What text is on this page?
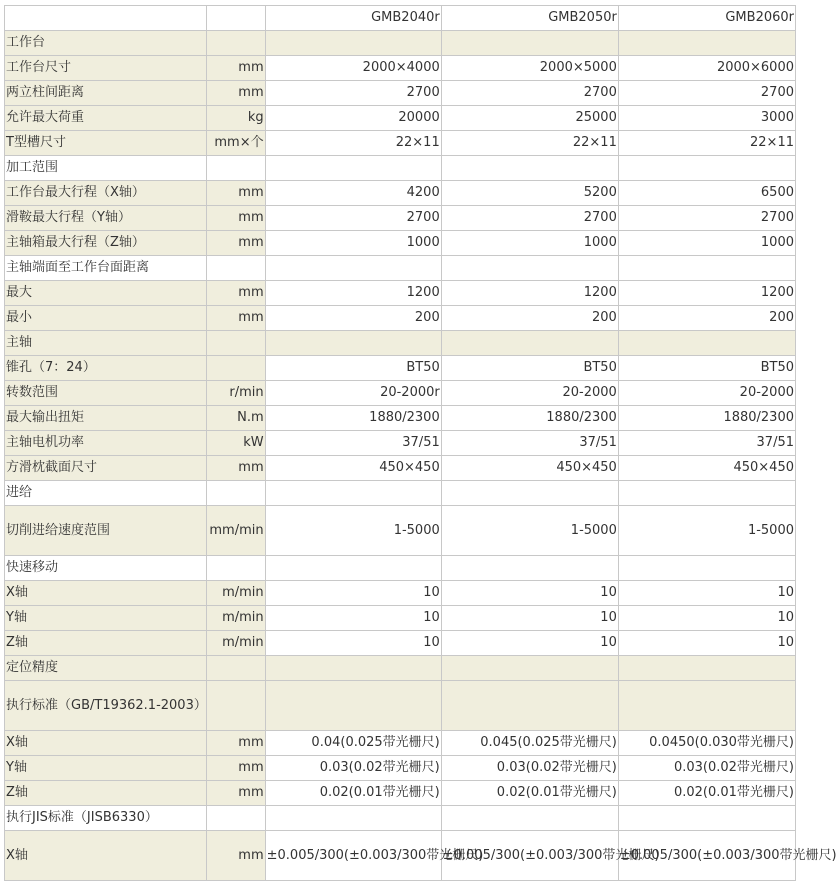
		GMB2040r	GMB2050r	GMB2060r
工作台				
工作台尺寸	mm	2000×4000	2000×5000	2000×6000
两立柱间距离	mm	2700	2700	2700
允许最大荷重	kg	20000	25000	3000
T型槽尺寸	mm×个	22×11	22×11	22×11
加工范围				
工作台最大行程（X轴）	mm	4200	5200	6500
滑鞍最大行程（Y轴）	mm	2700	2700	2700
主轴箱最大行程（Z轴）	mm	1000	1000	1000
主轴端面至工作台面距离				
最大	mm	1200	1200	1200
最小	mm	200	200	200
主轴				
锥孔（7：24）		BT50	BT50	BT50
转数范围	r/min	20-2000r	20-2000	20-2000
最大输出扭矩	N.m	1880/2300	1880/2300	1880/2300
主轴电机功率	kW	37/51	37/51	37/51
方滑枕截面尺寸	mm	450×450	450×450	450×450
进给				
切削进给速度范围	mm/min	1-5000	1-5000	1-5000
快速移动				
X轴	m/min	10	10	10
Y轴	m/min	10	10	10
Z轴	m/min	10	10	10
定位精度				
执行标准（GB/T19362.1-2003）				
X轴	mm	0.04(0.025带光栅尺)	0.045(0.025带光栅尺)	0.0450(0.030带光栅尺)
Y轴	mm	0.03(0.02带光栅尺)	0.03(0.02带光栅尺)	0.03(0.02带光栅尺)
Z轴	mm	0.02(0.01带光栅尺)	0.02(0.01带光栅尺)	0.02(0.01带光栅尺)
执行JIS标准（JISB6330）				
X轴	mm	±0.005/300(±0.003/300带光栅尺)	±0.005/300(±0.003/300带光栅尺)	±0.005/300(±0.003/300带光栅尺)
